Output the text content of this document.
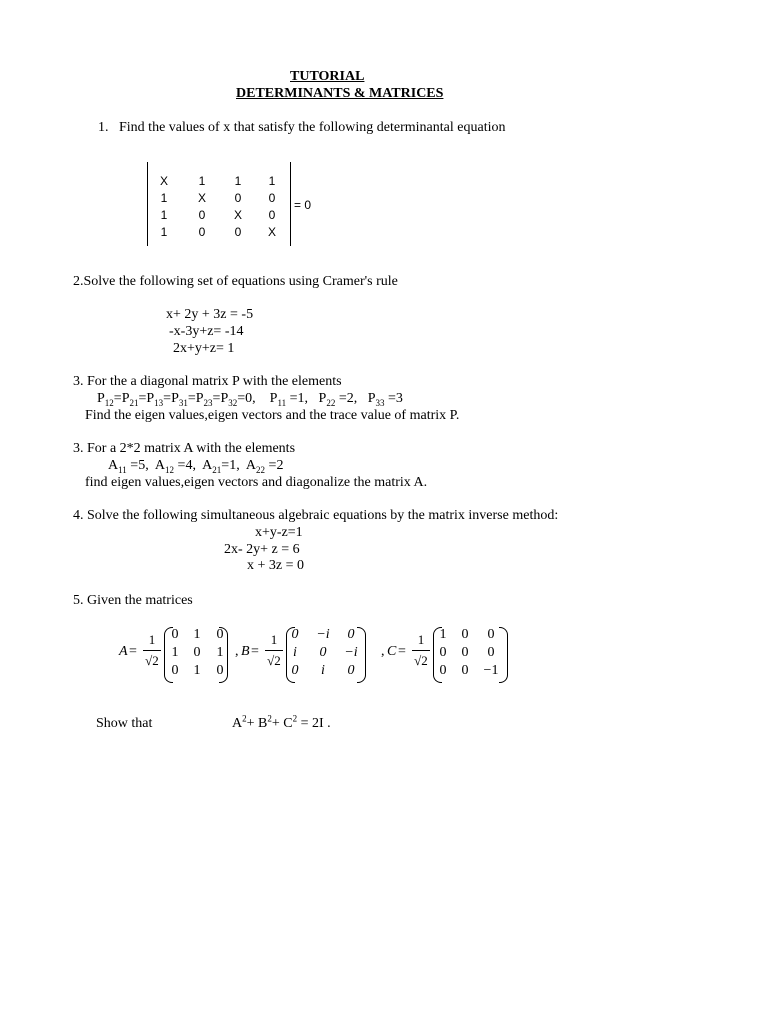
TUTORIAL
DETERMINANTS & MATRICES
1. Find the values of x that satisfy the following determinantal equation
X	1	1	1
1	X	0	0
1	0	X	0
1	0	0	X
= 0
2.Solve the following set of equations using Cramer's rule
x+ 2y + 3z = -5
-x-3y+z= -14
2x+y+z= 1
3. For the a diagonal matrix P with the elements
$P_{12}=P_{21}=P_{13}=P_{31}=P_{23}=P_{32}=0$,    $P_{11} =1$,   $P_{22} =2$,   $P_{33} =3$
Find the eigen values,eigen vectors and the trace value of matrix P.
3. For a 2*2 matrix A with the elements
$A_{11} =5$,  $A_{12} =4$,  $A_{21}=1$,  $A_{22} =2$
find eigen values,eigen vectors and diagonalize the matrix A.
4. Solve the following simultaneous algebraic equations by the matrix inverse method:
x+y-z=1
2x- 2y+ z = 6
x + 3z = 0
5. Given the matrices
A =
1
√2
0	1	0
1	0	1
0	1	0
, B =
1
√2
0	−i	0
i	0	−i
0	i	0
, C =
1
√2
1	0	0
0	0	0
0	0	−1
Show that	$A^2+ B^2+ C^2 = 2I$ .
